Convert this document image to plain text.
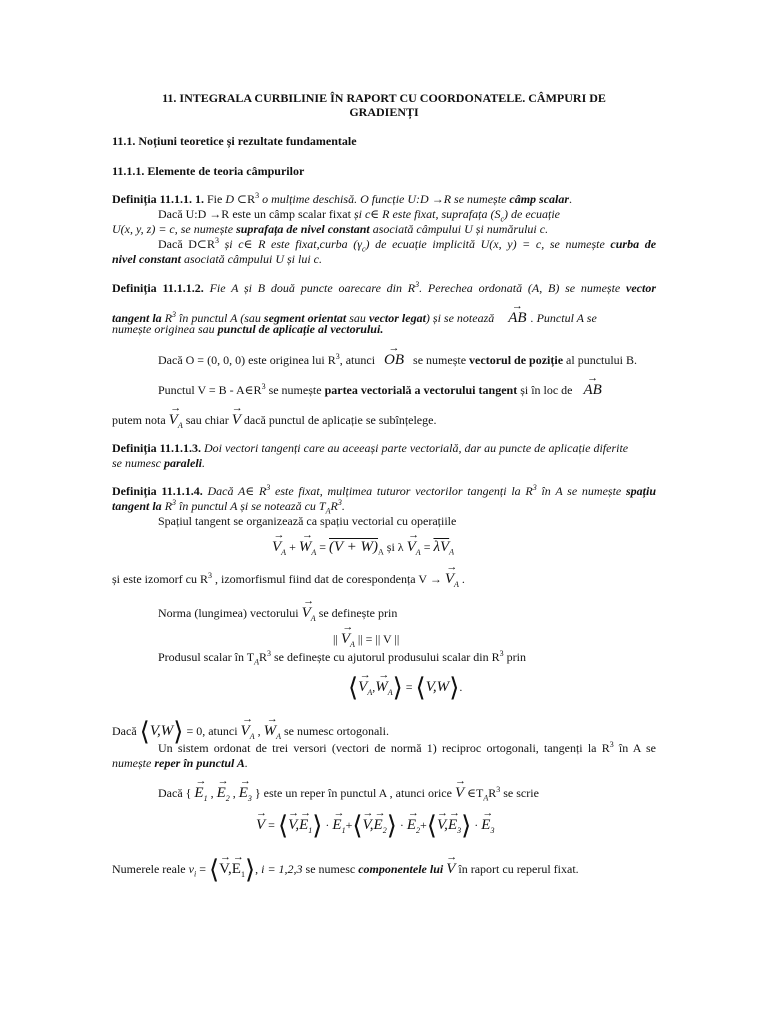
11. INTEGRALA CURBILINIE ÎN RAPORT CU COORDONATELE. CÂMPURI DE
GRADIENȚI
11.1. Noțiuni teoretice și rezultate fundamentale
11.1.1. Elemente de teoria câmpurilor
Definiția 11.1.1. 1. Fie D $\subset R^3$ o mulțime deschisă. O funcție U:D →R se numește câmp scalar.
Dacă U:D →R este un câmp scalar fixat și c∈ R este fixat, suprafața $(S_c)$ de ecuație
U(x, y, z) = c, se numește suprafața de nivel constant asociată câmpului U și numărului c.
Dacă $D\subset R^3$ și c∈ R este fixat,curba $(\gamma_c)$ de ecuație implicită U(x, y) = c, se numește curba de
nivel constant asociată câmpului U și lui c.
Definiția 11.1.1.2. Fie A și B două puncte oarecare din $R^3$. Perechea ordonată (A, B) se numește vector
tangent la $R^3$ în punctul A (sau segment orientat sau vector legat) și se notează → AB . Punctul A se
numește originea sau punctul de aplicație al vectorului.
Dacă O = (0, 0, 0) este originea lui $R^3$, atunci → OB se numește vectorul de poziție al punctului B.
Punctul $V = B - A\in R^3$ se numește partea vectorială a vectorului tangent și în loc de → AB
putem nota → $V_A$ sau chiar → V dacă punctul de aplicație se subînțelege.
Definiția 11.1.1.3. Doi vectori tangenți care au aceeași parte vectorială, dar au puncte de aplicație diferite
se numesc paraleli.
Definiția 11.1.1.4. Dacă A∈ $R^3$ este fixat, mulțimea tuturor vectorilor tangenți la $R^3$ în A se numește spațiu
tangent la $R^3$ în punctul A și se notează cu $T_AR^3$.
Spațiul tangent se organizează ca spațiu vectorial cu operațiile
→ $V_A$ + → $W_A = (V + W)_A$ și $\lambda \to V_A = \overline{\lambda V}_A$
și este izomorf cu $R^3$ , izomorfismul fiind dat de corespondența V → → $V_A$ .
Norma (lungimea) vectorului → $V_A$ se definește prin
|| → $V_A$ || = || V ||
Produsul scalar în $T_AR^3$ se definește cu ajutorul produsului scalar din $R^3$ prin
⟨→ $V_A,\to$ $W_A⟩$ = ⟨V,W⟩.
Dacă ⟨V,W⟩ = 0, atunci → $V_A$ , → $W_A$ se numesc ortogonali.
Un sistem ordonat de trei versori (vectori de normă 1) reciproc ortogonali, tangenți la $R^3$ în A se
numește reper în punctul A.
Dacă { → $E_1$ , → $E_2$ , → $E_3$ } este un reper în punctul A , atunci orice → V $\in T_AR^3$ se scrie
→ V = ⟨→ $V,\to E_1⟩$ · → $E_1+⟨\to V,\to$ $E_2⟩$ · → $E_2+⟨\to V,\to$ $E_3⟩$ · → $E_3$
Numerele reale $v_i$ = ⟨→ $V,\to E_1⟩$, i = 1,2,3 se numesc componentele lui → V în raport cu reperul fixat.
